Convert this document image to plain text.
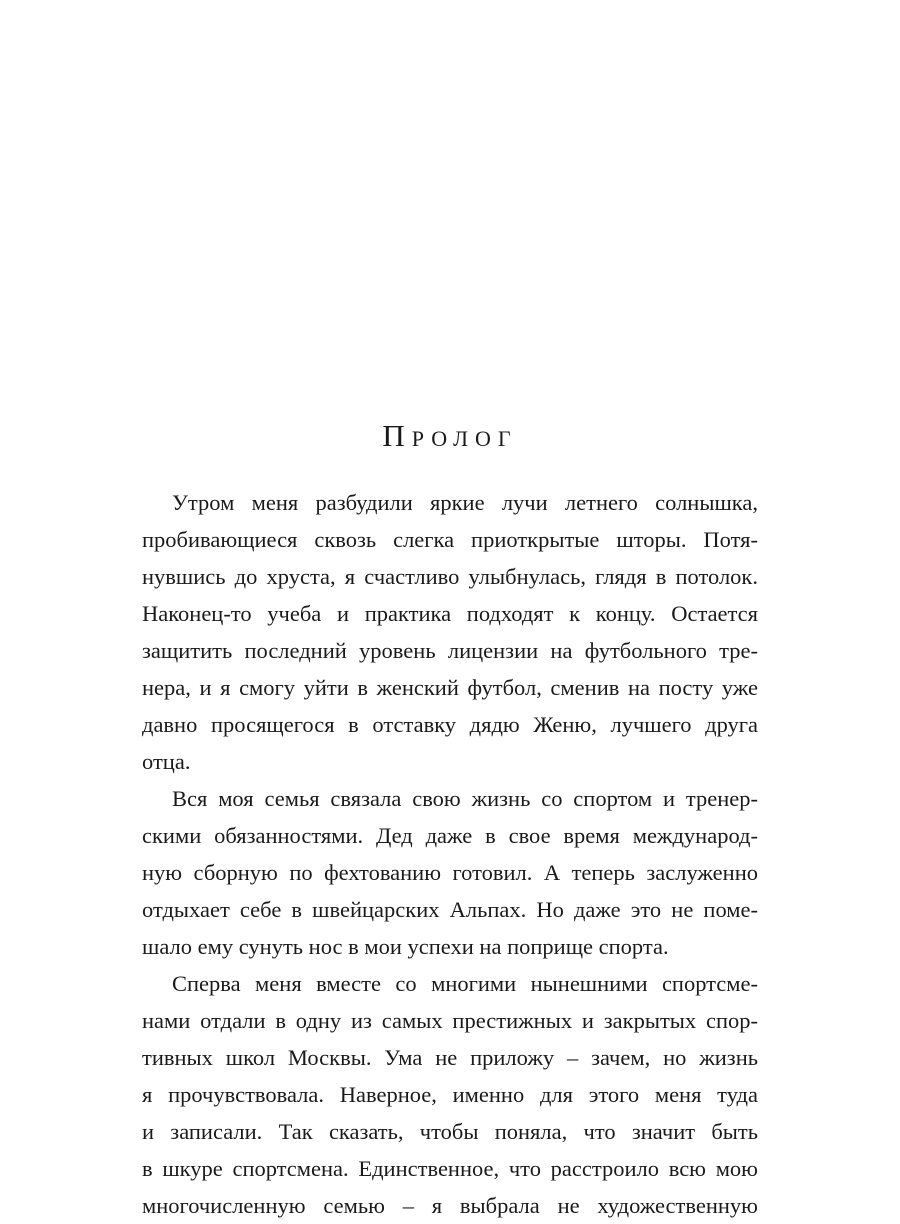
Пролог
Утром меня разбудили яркие лучи летнего солнышка,
пробивающиеся сквозь слегка приоткрытые шторы. Потя-
нувшись до хруста, я счастливо улыбнулась, глядя в потолок.
Наконец-то учеба и практика подходят к концу. Остается
защитить последний уровень лицензии на футбольного тре-
нера, и я смогу уйти в женский футбол, сменив на посту уже
давно просящегося в отставку дядю Женю, лучшего друга
отца.
Вся моя семья связала свою жизнь со спортом и тренер-
скими обязанностями. Дед даже в свое время международ-
ную сборную по фехтованию готовил. А теперь заслуженно
отдыхает себе в швейцарских Альпах. Но даже это не поме-
шало ему сунуть нос в мои успехи на поприще спорта.
Сперва меня вместе со многими нынешними спортсме-
нами отдали в одну из самых престижных и закрытых спор-
тивных школ Москвы. Ума не приложу – зачем, но жизнь
я прочувствовала. Наверное, именно для этого меня туда
и записали. Так сказать, чтобы поняла, что значит быть
в шкуре спортсмена. Единственное, что расстроило всю мою
многочисленную семью – я выбрала не художественную
